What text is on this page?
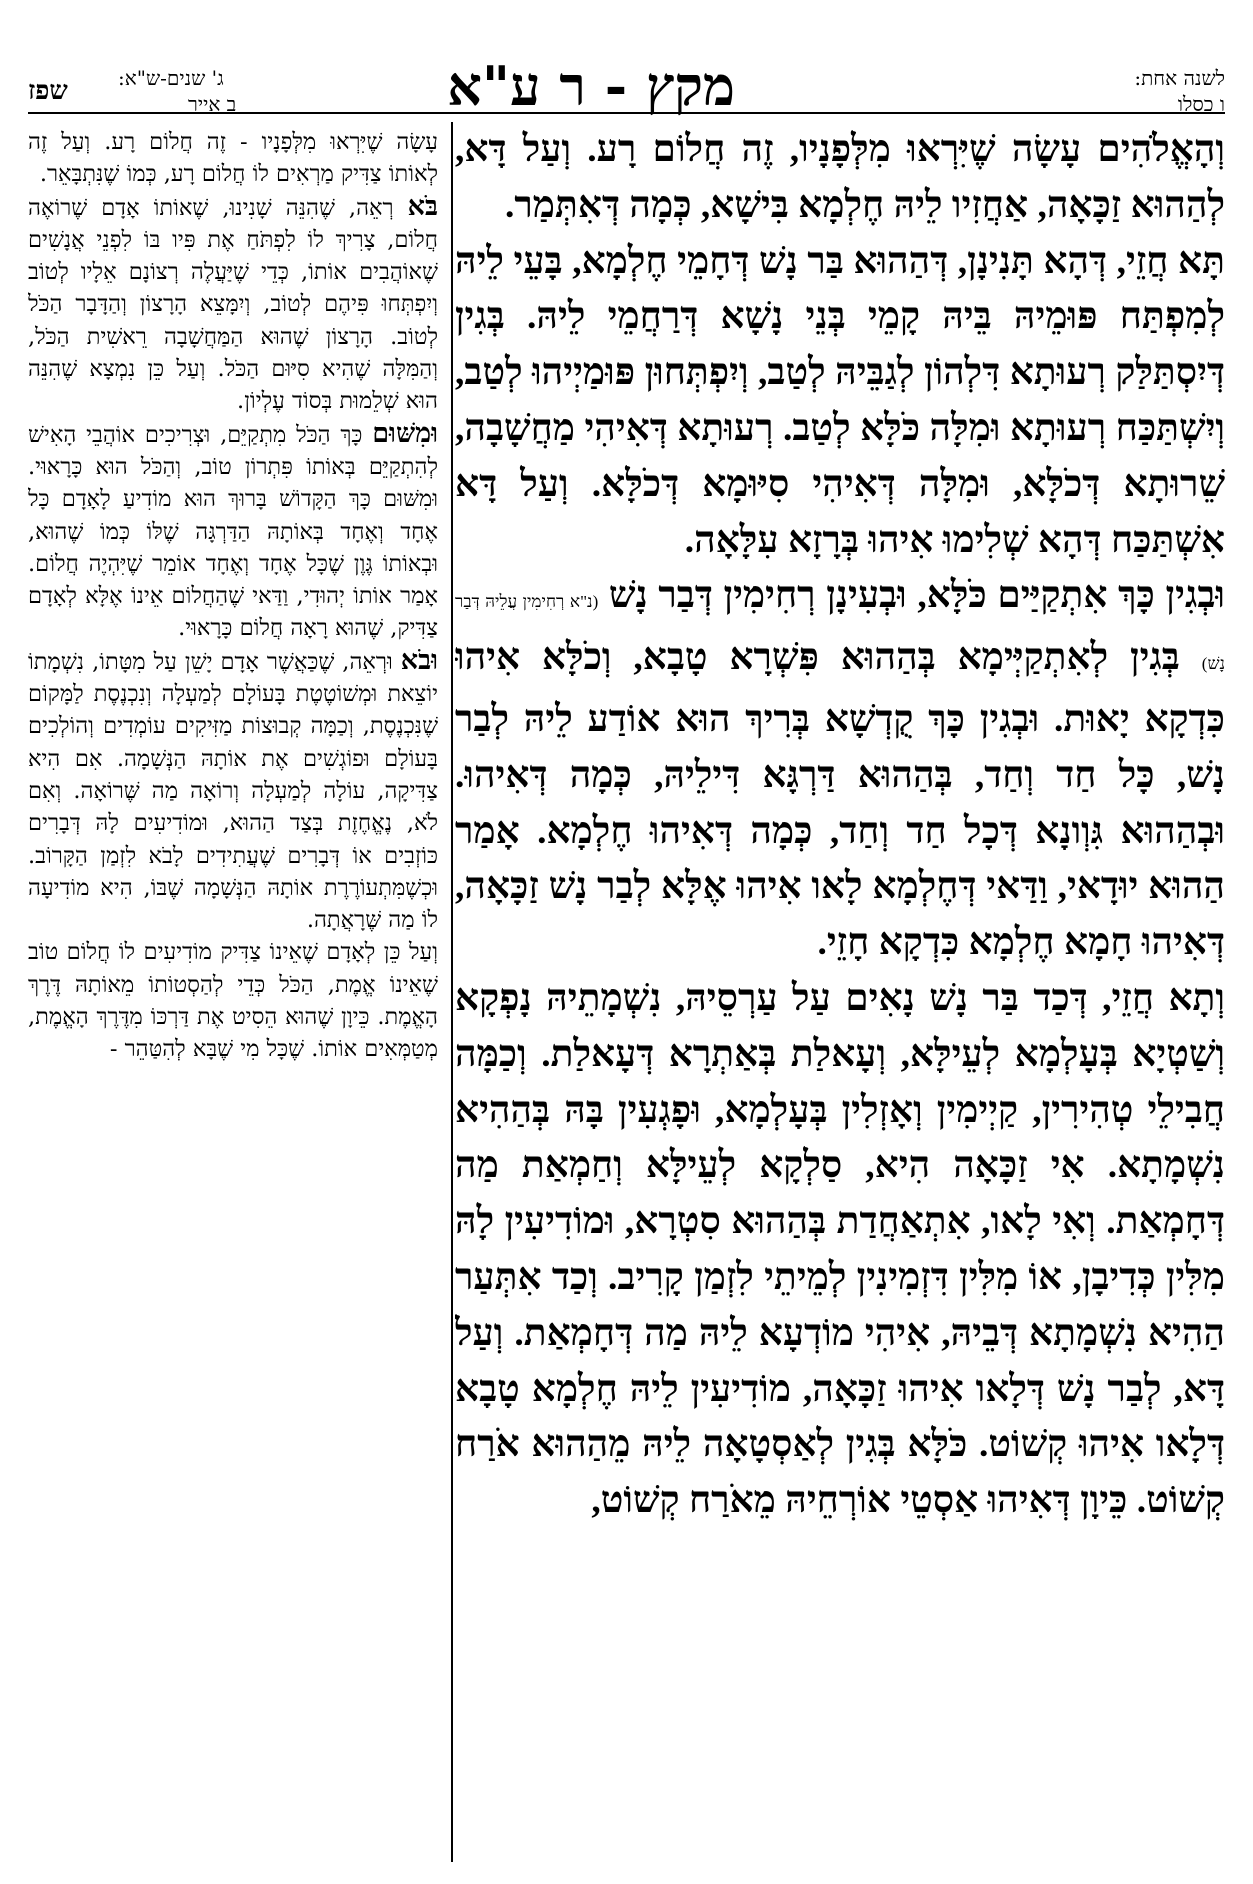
לשנה אחת:
ו כסלו
מקץ - ר ע"א
ג' שנים-ש"א:
ב אייר
שפז

וְהָאֱלֹהִים עָשָׂה שֶׁיִּרְאוּ מִלְּפָנָיו, זֶה חֲלוֹם רָע. וְעַל דָּא, לְהַהוּא זַכָּאָה, אַחֲזִיו לֵיהּ חֶלְמָא בִּישָׁא, כְּמָה דְּאִתְּמַר.

תָּא חֲזֵי, דְּהָא תָּנִינָן, דְּהַהוּא בַּר נָשׁ דְּחָמֵי חֶלְמָא, בָּעֵי לֵיהּ לְמִפְתַּח פּוּמֵיהּ בֵּיהּ קָמֵי בְּנֵי נָשָׁא דְּרַחֲמֵי לֵיהּ. בְּגִין דְּיִסְתַּלַּק רְעוּתָא דִּלְהוֹן לְגַבֵּיהּ לְטַב, וְיִפְתְּחוּן פּוּמַיְיהוּ לְטַב, וְיִשְׁתַּכַּח רְעוּתָא וּמִלָּה כֹּלָּא לְטַב. רְעוּתָא דְּאִיהִי מַחֲשָׁבָה, שֵׁרוּתָא דְּכֹלָּא, וּמִלָּה דְּאִיהִי סִיּוּמָא דְּכֹלָּא. וְעַל דָּא אִשְׁתַּכַּח דְּהָא שְׁלִימוּ אִיהוּ בְּרָזָא עִלָּאָה.

וּבְגִין כָּךְ אִתְקַיַּים כֹּלָּא, וּבְעִינָן רְחִימִין דְּבַר נָשׁ (נ"א רְחִימִין עֲלֵיהּ דְּבַר נָשׁ) בְּגִין לְאִתְקַיְּימָא בְּהַהוּא פִּשְׁרָא טָבָא, וְכֹלָּא אִיהוּ כִּדְקָא יָאוּת. וּבְגִין כָּךְ קֻדְשָׁא בְּרִיךְ הוּא אוֹדַע לֵיהּ לְבַר נָשׁ, כָּל חַד וְחַד, בְּהַהוּא דַּרְגָּא דִּילֵיהּ, כְּמָה דְּאִיהוּ. וּבְהַהוּא גִּוְונָא דְּכָל חַד וְחַד, כְּמָה דְּאִיהוּ חֶלְמָא. אָמַר הַהוּא יוּדָאי, וַדַּאי דְּחֶלְמָא לָאו אִיהוּ אֶלָּא לְבַר נָשׁ זַכָּאָה, דְּאִיהוּ חָמָא חֶלְמָא כִּדְקָא חָזֵי.

וְתָא חֲזֵי, דְּכַד בַּר נָשׁ נָאִים עַל עַרְסֵיהּ, נִשְׁמָתֵיהּ נָפְקָא וְשַׁטְיָא בְּעָלְמָא לְעֵילָּא, וְעָאלַת בְּאַתְרָא דְּעָאלַת. וְכַמָּה חֲבִילֵי טְהִירִין, קַיְימִין וְאָזְלִין בְּעָלְמָא, וּפָגְעִין בָּהּ בְּהַהִיא נִשְׁמָתָא. אִי זַכָּאָה הִיא, סַלְקָא לְעֵילָּא וְחַמְאַת מַה דְּחָמְאַת. וְאִי לָאו, אִתְאַחֲדַת בְּהַהוּא סִטְרָא, וּמוֹדִיעִין לָהּ מִלִּין כְּדִיבָן, אוֹ מִלִּין דִּזְמִינִין לְמֵיתֵי לִזְמַן קָרִיב. וְכַד אִתְּעַר הַהִיא נִשְׁמָתָא דְּבֵיהּ, אִיהִי מוֹדְעָא לֵיהּ מַה דְּחָמְאַת. וְעַל דָּא, לְבַר נָשׁ דְּלָאו אִיהוּ זַכָּאָה, מוֹדִיעִין לֵיהּ חֶלְמָא טָבָא דְּלָאו אִיהוּ קְשׁוֹט. כֹּלָּא בְּגִין לְאַסְטָאָה לֵיהּ מֵהַהוּא אֹרַח קְשׁוֹט. כֵּיוָן דְּאִיהוּ אַסְטֵי אוֹרְחֵיהּ מֵאֹרַח קְשׁוֹט,

עָשָׂה שֶׁיִּרְאוּ מִלְּפָנָיו - זֶה חֲלוֹם רָע. וְעַל זֶה לְאוֹתוֹ צַדִּיק מַרְאִים לוֹ חֲלוֹם רָע, כְּמוֹ שֶׁנִּתְבָּאֵר.

בֹּא רְאֵה, שֶׁהִנֵּה שָׁנִינוּ, שֶׁאוֹתוֹ אָדָם שֶׁרוֹאֶה חֲלוֹם, צָרִיךְ לוֹ לִפְתֹּחַ אֶת פִּיו בּוֹ לִפְנֵי אֲנָשִׁים שֶׁאוֹהֲבִים אוֹתוֹ, כְּדֵי שֶׁיַּעֲלֶה רְצוֹנָם אֵלָיו לְטוֹב וְיִפְתְּחוּ פִּיהֶם לְטוֹב, וְיִמָּצֵא הָרָצוֹן וְהַדָּבָר הַכֹּל לְטוֹב. הָרָצוֹן שֶׁהוּא הַמַּחֲשָׁבָה רֵאשִׁית הַכֹּל, וְהַמִּלָּה שֶׁהִיא סִיּוּם הַכֹּל. וְעַל כֵּן נִמְצָא שֶׁהִנֵּה הוּא שְׁלֵמוּת בְּסוֹד עֶלְיוֹן.

וּמִשּׁוּם כָּךְ הַכֹּל מִתְקַיֵּם, וּצְרִיכִים אוֹהֲבֵי הָאִישׁ לְהִתְקַיֵּם בְּאוֹתוֹ פִּתְרוֹן טוֹב, וְהַכֹּל הוּא כָּרָאוּי. וּמִשּׁוּם כָּךְ הַקָּדוֹשׁ בָּרוּךְ הוּא מוֹדִיעַ לָאָדָם כָּל אֶחָד וְאֶחָד בְּאוֹתָהּ הַדַּרְגָּה שֶׁלּוֹ כְּמוֹ שֶׁהוּא, וּבְאוֹתוֹ גֶּוֶן שֶׁכָּל אֶחָד וְאֶחָד אוֹמֵר שֶׁיִּהְיֶה חֲלוֹם. אָמַר אוֹתוֹ יְהוּדִי, וַדַּאי שֶׁהַחֲלוֹם אֵינוֹ אֶלָּא לְאָדָם צַדִּיק, שֶׁהוּא רָאָה חֲלוֹם כָּרָאוּי.

וּבֹא וּרְאֵה, שֶׁכַּאֲשֶׁר אָדָם יָשֵׁן עַל מִטָּתוֹ, נִשְׁמָתוֹ יוֹצֵאת וּמְשׁוֹטֶטֶת בָּעוֹלָם לְמַעְלָה וְנִכְנֶסֶת לַמָּקוֹם שֶׁנִּכְנֶסֶת, וְכַמָּה קְבוּצוֹת מַזִּיקִים עוֹמְדִים וְהוֹלְכִים בָּעוֹלָם וּפוֹגְשִׁים אֶת אוֹתָהּ הַנְּשָׁמָה. אִם הִיא צַדִּיקָה, עוֹלָה לְמַעְלָה וְרוֹאָה מַה שֶּׁרוֹאָה. וְאִם לֹא, נֶאֱחֶזֶת בְּצַד הַהוּא, וּמוֹדִיעִים לָהּ דְּבָרִים כּוֹזְבִים אוֹ דְּבָרִים שֶׁעֲתִידִים לָבֹא לִזְמַן הַקָּרוֹב. וּכְשֶׁמִּתְעוֹרֶרֶת אוֹתָהּ הַנְּשָׁמָה שֶׁבּוֹ, הִיא מוֹדִיעָה לוֹ מַה שֶּׁרָאֲתָה.

וְעַל כֵּן לְאָדָם שֶׁאֵינוֹ צַדִּיק מוֹדִיעִים לוֹ חֲלוֹם טוֹב שֶׁאֵינוֹ אֱמֶת, הַכֹּל כְּדֵי לְהַסְטוֹתוֹ מֵאוֹתָהּ דֶּרֶךְ הָאֱמֶת. כֵּיוָן שֶׁהוּא הֵסִיט אֶת דַּרְכּוֹ מִדֶּרֶךְ הָאֱמֶת, מְטַמְּאִים אוֹתוֹ. שֶׁכָּל מִי שֶׁבָּא לְהִטַּהֵר -
